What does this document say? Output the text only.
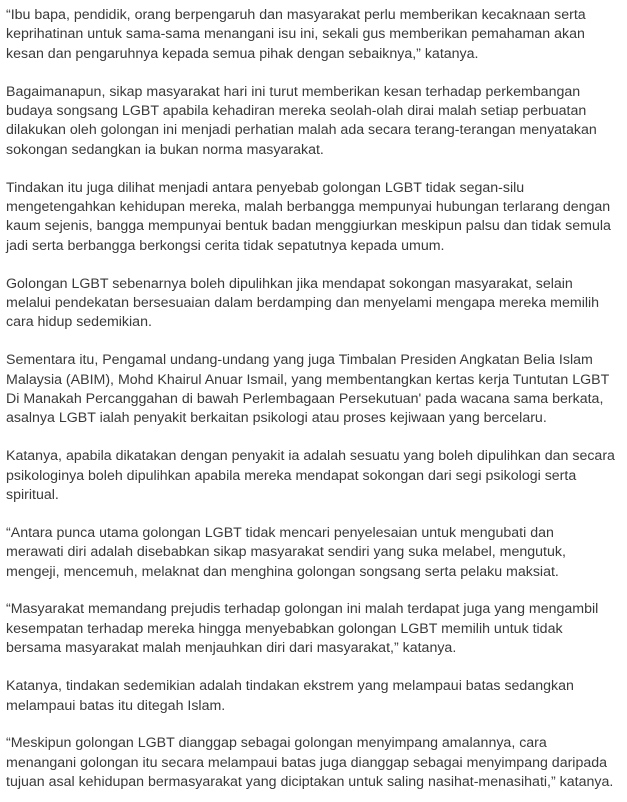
“Ibu bapa, pendidik, orang berpengaruh dan masyarakat perlu memberikan kecaknaan serta keprihatinan untuk sama-sama menangani isu ini, sekali gus memberikan pemahaman akan kesan dan pengaruhnya kepada semua pihak dengan sebaiknya,” katanya.

Bagaimanapun, sikap masyarakat hari ini turut memberikan kesan terhadap perkembangan budaya songsang LGBT apabila kehadiran mereka seolah-olah dirai malah setiap perbuatan dilakukan oleh golongan ini menjadi perhatian malah ada secara terang-terangan menyatakan sokongan sedangkan ia bukan norma masyarakat.

Tindakan itu juga dilihat menjadi antara penyebab golongan LGBT tidak segan-silu mengetengahkan kehidupan mereka, malah berbangga mempunyai hubungan terlarang dengan kaum sejenis, bangga mempunyai bentuk badan menggiurkan meskipun palsu dan tidak semula jadi serta berbangga berkongsi cerita tidak sepatutnya kepada umum.

Golongan LGBT sebenarnya boleh dipulihkan jika mendapat sokongan masyarakat, selain melalui pendekatan bersesuaian dalam berdamping dan menyelami mengapa mereka memilih cara hidup sedemikian.

Sementara itu, Pengamal undang-undang yang juga Timbalan Presiden Angkatan Belia Islam Malaysia (ABIM), Mohd Khairul Anuar Ismail, yang membentangkan kertas kerja Tuntutan LGBT Di Manakah Percanggahan di bawah Perlembagaan Persekutuan' pada wacana sama berkata, asalnya LGBT ialah penyakit berkaitan psikologi atau proses kejiwaan yang bercelaru.

Katanya, apabila dikatakan dengan penyakit ia adalah sesuatu yang boleh dipulihkan dan secara psikologinya boleh dipulihkan apabila mereka mendapat sokongan dari segi psikologi serta spiritual.

“Antara punca utama golongan LGBT tidak mencari penyelesaian untuk mengubati dan merawati diri adalah disebabkan sikap masyarakat sendiri yang suka melabel, mengutuk, mengeji, mencemuh, melaknat dan menghina golongan songsang serta pelaku maksiat.

“Masyarakat memandang prejudis terhadap golongan ini malah terdapat juga yang mengambil kesempatan terhadap mereka hingga menyebabkan golongan LGBT memilih untuk tidak bersama masyarakat malah menjauhkan diri dari masyarakat,” katanya.

Katanya, tindakan sedemikian adalah tindakan ekstrem yang melampaui batas sedangkan melampaui batas itu ditegah Islam.

“Meskipun golongan LGBT dianggap sebagai golongan menyimpang amalannya, cara menangani golongan itu secara melampaui batas juga dianggap sebagai menyimpang daripada tujuan asal kehidupan bermasyarakat yang diciptakan untuk saling nasihat-menasihati,” katanya.
